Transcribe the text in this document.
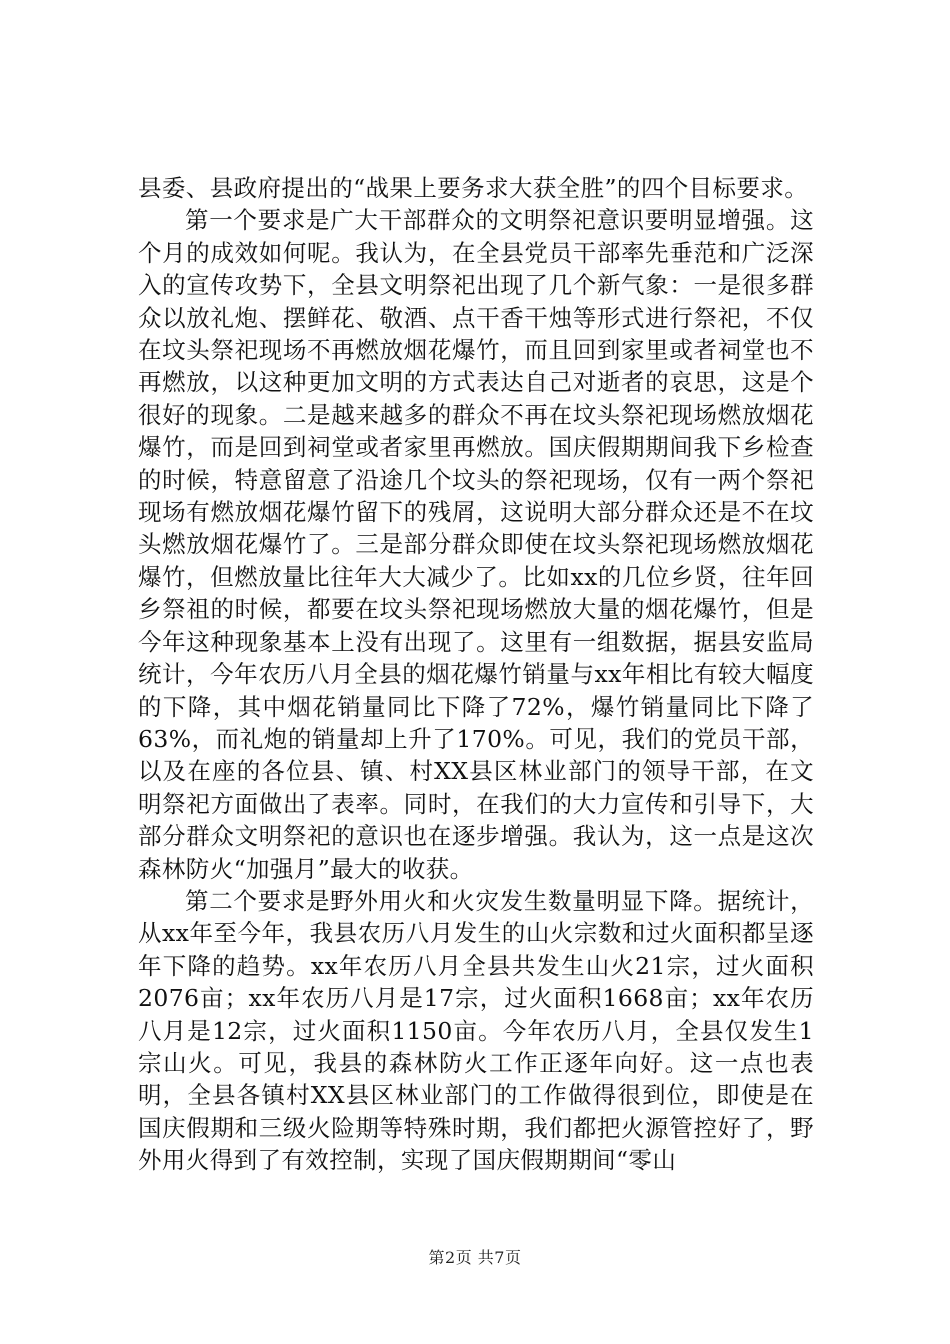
县委、县政府提出的“战果上要务求大获全胜”的四个目标要求。

第一个要求是广大干部群众的文明祭祀意识要明显增强。这个月的成效如何呢。我认为，在全县党员干部率先垂范和广泛深入的宣传攻势下，全县文明祭祀出现了几个新气象：一是很多群众以放礼炮、摆鲜花、敬酒、点干香干烛等形式进行祭祀，不仅在坟头祭祀现场不再燃放烟花爆竹，而且回到家里或者祠堂也不再燃放，以这种更加文明的方式表达自己对逝者的哀思，这是个很好的现象。二是越来越多的群众不再在坟头祭祀现场燃放烟花爆竹，而是回到祠堂或者家里再燃放。国庆假期期间我下乡检查的时候，特意留意了沿途几个坟头的祭祀现场，仅有一两个祭祀现场有燃放烟花爆竹留下的残屑，这说明大部分群众还是不在坟头燃放烟花爆竹了。三是部分群众即使在坟头祭祀现场燃放烟花爆竹，但燃放量比往年大大减少了。比如xx的几位乡贤，往年回乡祭祖的时候，都要在坟头祭祀现场燃放大量的烟花爆竹，但是今年这种现象基本上没有出现了。这里有一组数据，据县安监局统计，今年农历八月全县的烟花爆竹销量与xx年相比有较大幅度的下降，其中烟花销量同比下降了72%，爆竹销量同比下降了63%，而礼炮的销量却上升了170%。可见，我们的党员干部，以及在座的各位县、镇、村XX县区林业部门的领导干部，在文明祭祀方面做出了表率。同时，在我们的大力宣传和引导下，大部分群众文明祭祀的意识也在逐步增强。我认为，这一点是这次森林防火“加强月”最大的收获。

第二个要求是野外用火和火灾发生数量明显下降。据统计，从xx年至今年，我县农历八月发生的山火宗数和过火面积都呈逐年下降的趋势。xx年农历八月全县共发生山火21宗，过火面积2076亩；xx年农历八月是17宗，过火面积1668亩；xx年农历八月是12宗，过火面积1150亩。今年农历八月，全县仅发生1宗山火。可见，我县的森林防火工作正逐年向好。这一点也表明，全县各镇村XX县区林业部门的工作做得很到位，即使是在国庆假期和三级火险期等特殊时期，我们都把火源管控好了，野外用火得到了有效控制，实现了国庆假期期间“零山

第2页 共7页
